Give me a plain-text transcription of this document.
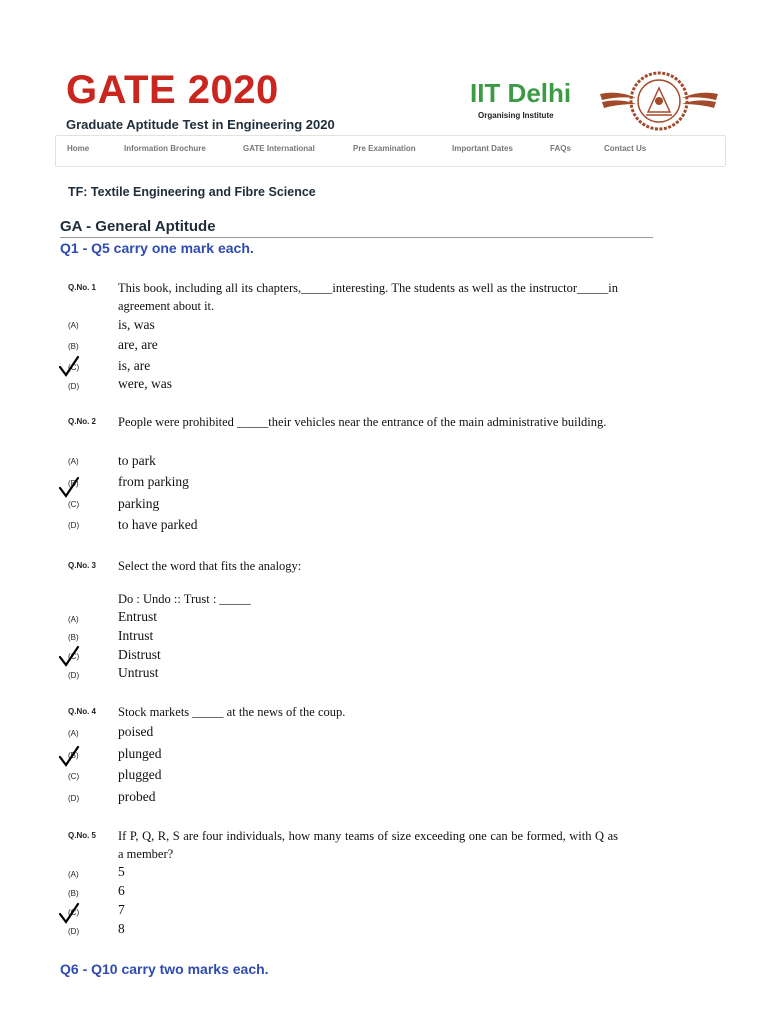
GATE 2020
Graduate Aptitude Test in Engineering 2020
IIT Delhi
Organising Institute
Home	Information Brochure	GATE International	Pre Examination	Important Dates	FAQs	Contact Us
TF: Textile Engineering and Fibre Science
GA - General Aptitude
Q1 - Q5 carry one mark each.
Q.No. 1 This book, including all its chapters,_____interesting. The students as well as the instructor_____in agreement about it.
(A)	is, was
(B)	are, are
(C)	is, are
(D)	were, was
Q.No. 2 People were prohibited _____their vehicles near the entrance of the main administrative building.
(A)	to park
(B)	from parking
(C)	parking
(D)	to have parked
Q.No. 3 Select the word that fits the analogy:
Do : Undo :: Trust : _____
(A)	Entrust
(B)	Intrust
(C)	Distrust
(D)	Untrust
Q.No. 4 Stock markets _____ at the news of the coup.
(A)	poised
(B)	plunged
(C)	plugged
(D)	probed
Q.No. 5 If P, Q, R, S are four individuals, how many teams of size exceeding one can be formed, with Q as a member?
(A)	5
(B)	6
(C)	7
(D)	8
Q6 - Q10 carry two marks each.
